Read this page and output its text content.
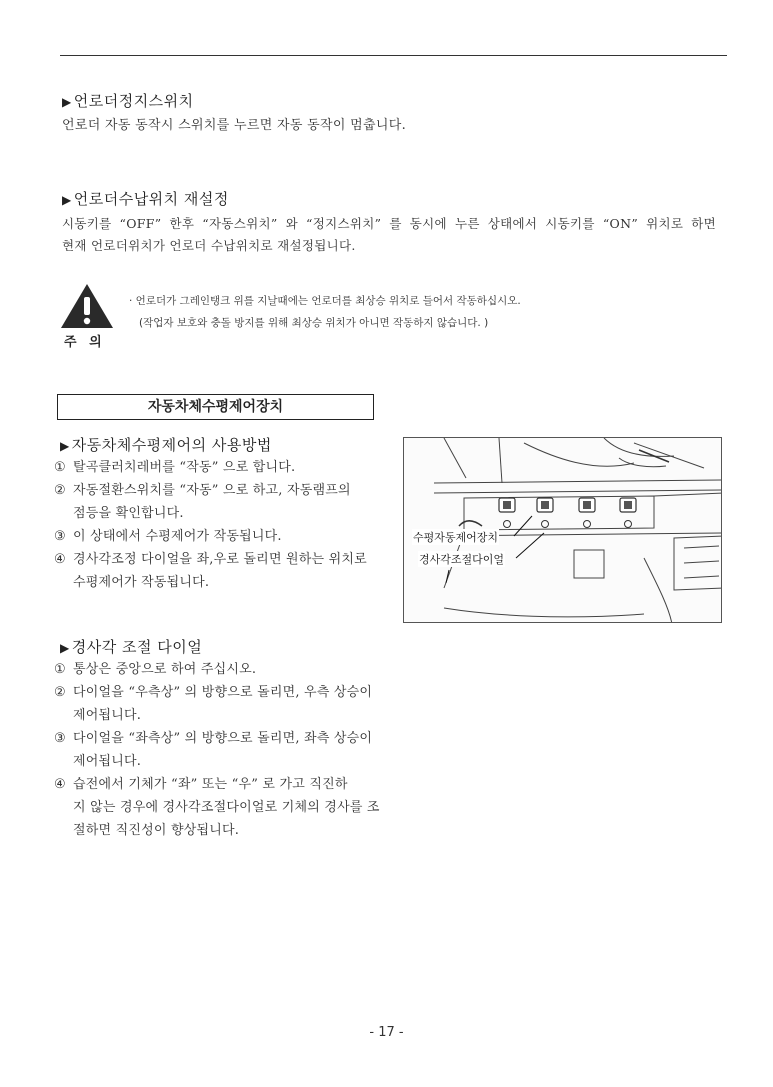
▶ 언로더정지스위치
언로더 자동 동작시 스위치를 누르면 자동 동작이 멈춥니다.
▶ 언로더수납위치 재설정
시동키를 “OFF” 한후 “자동스위치” 와 “정지스위치” 를 동시에 누른 상태에서 시동키를 “ON” 위치로 하면
현재 언로더위치가 언로더 수납위치로 재설정됩니다.
주 의
· 언로더가 그레인탱크 위를 지날때에는 언로더를 최상승 위치로 들어서 작동하십시오.
(작업자 보호와 충돌 방지를 위해 최상승 위치가 아니면 작동하지 않습니다. )
자동차체수평제어장치
▶ 자동차체수평제어의 사용방법
① 탈곡클러치레버를 “작동” 으로 합니다.
② 자동절환스위치를 “자동” 으로 하고, 자동램프의
점등을 확인합니다.
③ 이 상태에서 수평제어가 작동됩니다.
④ 경사각조정 다이얼을 좌,우로 돌리면 원하는 위치로
수평제어가 작동됩니다.
▶ 경사각 조절 다이얼
① 통상은 중앙으로 하여 주십시오.
② 다이얼을 “우측상” 의 방향으로 돌리면, 우측 상승이
제어됩니다.
③ 다이얼을 “좌측상” 의 방향으로 돌리면, 좌측 상승이
제어됩니다.
④ 습전에서 기체가 “좌” 또는 “우” 로 가고 직진하
지 않는 경우에 경사각조절다이얼로 기체의 경사를 조
절하면 직진성이 향상됩니다.
수평자동제어장치
경사각조절다이얼
- 17 -
